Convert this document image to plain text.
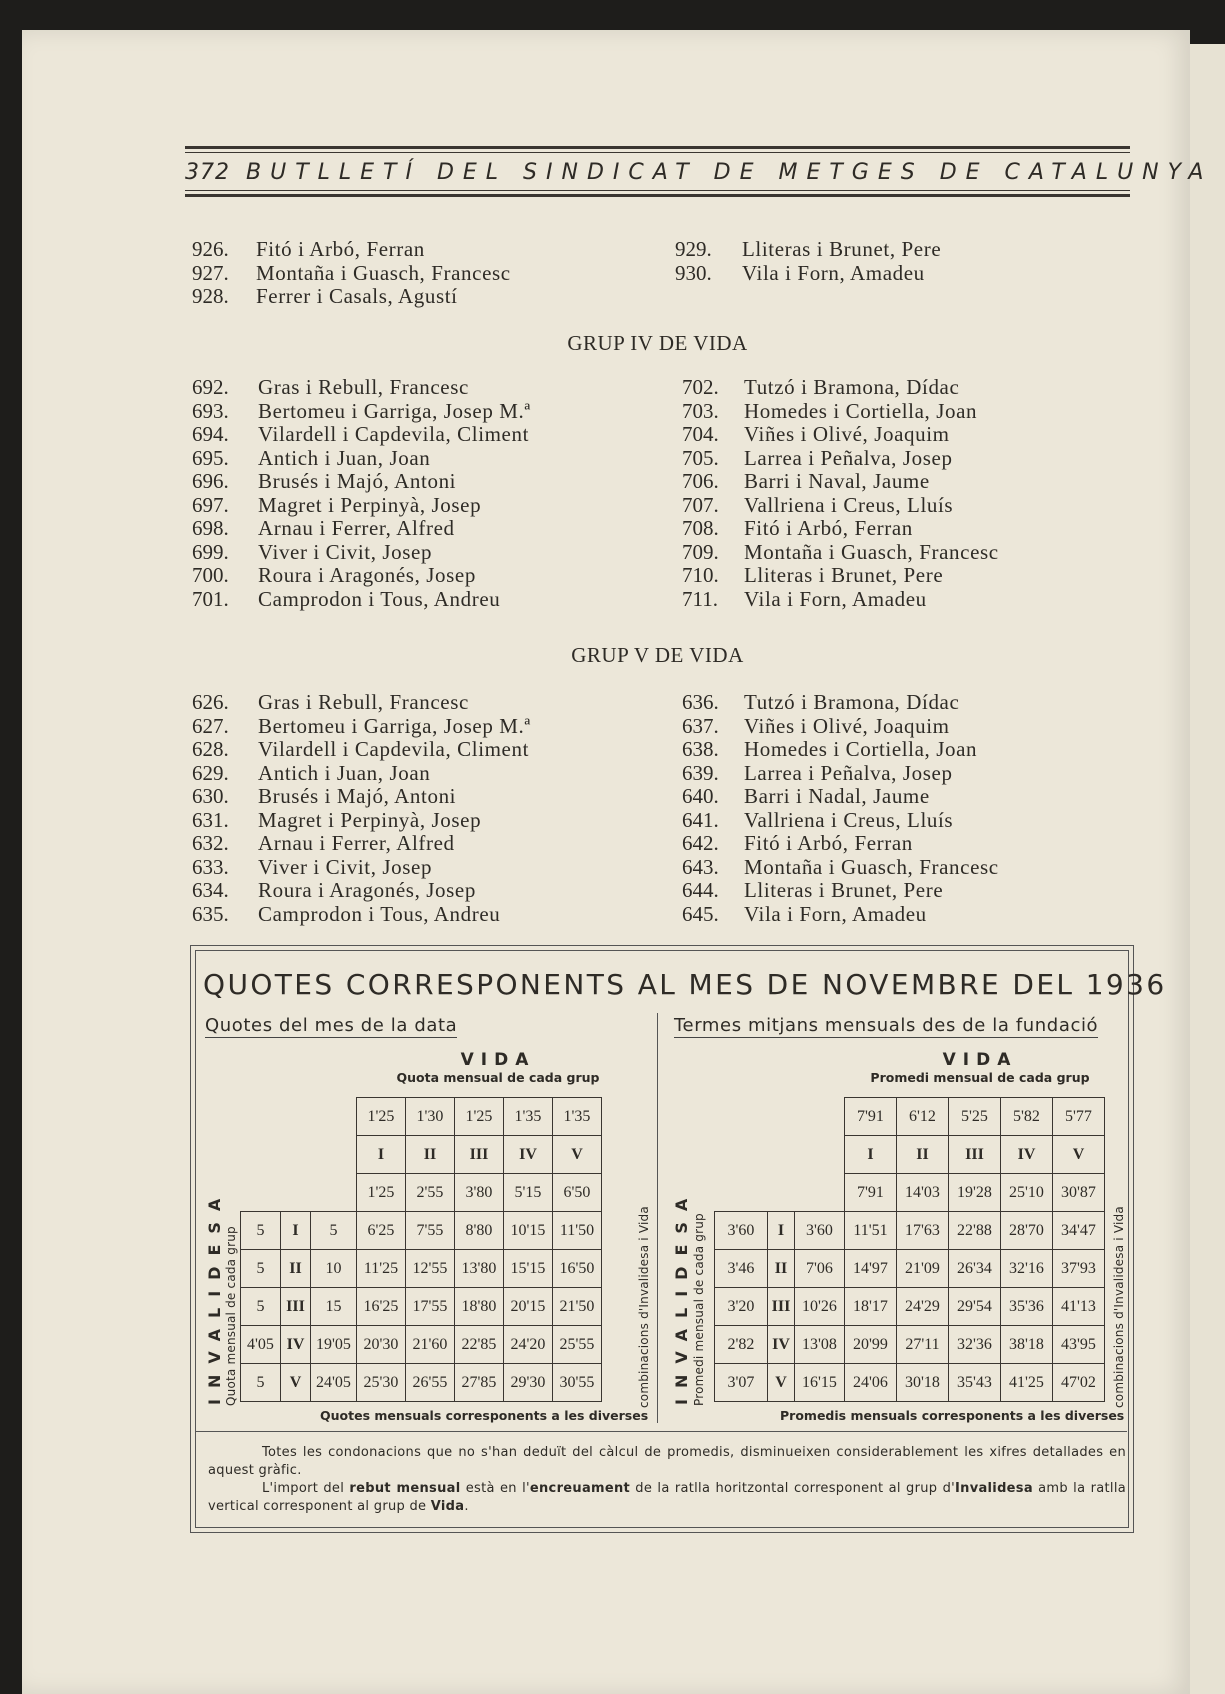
372 BUTLLETÍ DEL SINDICAT DE METGES DE CATALUNYA
926. Fitó i Arbó, Ferran
927. Montaña i Guasch, Francesc
928. Ferrer i Casals, Agustí
929. Lliteras i Brunet, Pere
930. Vila i Forn, Amadeu
GRUP IV DE VIDA
692. Gras i Rebull, Francesc
693. Bertomeu i Garriga, Josep M.ª
694. Vilardell i Capdevila, Climent
695. Antich i Juan, Joan
696. Brusés i Majó, Antoni
697. Magret i Perpinyà, Josep
698. Arnau i Ferrer, Alfred
699. Viver i Civit, Josep
700. Roura i Aragonés, Josep
701. Camprodon i Tous, Andreu
702. Tutzó i Bramona, Dídac
703. Homedes i Cortiella, Joan
704. Viñes i Olivé, Joaquim
705. Larrea i Peñalva, Josep
706. Barri i Naval, Jaume
707. Vallriena i Creus, Lluís
708. Fitó i Arbó, Ferran
709. Montaña i Guasch, Francesc
710. Lliteras i Brunet, Pere
711. Vila i Forn, Amadeu
GRUP V DE VIDA
626. Gras i Rebull, Francesc
627. Bertomeu i Garriga, Josep M.ª
628. Vilardell i Capdevila, Climent
629. Antich i Juan, Joan
630. Brusés i Majó, Antoni
631. Magret i Perpinyà, Josep
632. Arnau i Ferrer, Alfred
633. Viver i Civit, Josep
634. Roura i Aragonés, Josep
635. Camprodon i Tous, Andreu
636. Tutzó i Bramona, Dídac
637. Viñes i Olivé, Joaquim
638. Homedes i Cortiella, Joan
639. Larrea i Peñalva, Josep
640. Barri i Nadal, Jaume
641. Vallriena i Creus, Lluís
642. Fitó i Arbó, Ferran
643. Montaña i Guasch, Francesc
644. Lliteras i Brunet, Pere
645. Vila i Forn, Amadeu
QUOTES CORRESPONENTS AL MES DE NOVEMBRE DEL 1936
Quotes del mes de la data	Termes mitjans mensuals des de la fundació
VIDA
Quota mensual de cada grup
VIDA
Promedi mensual de cada grup
INVALIDESA Quota mensual de cada grup	combinacions d'Invalidesa i Vida INVALIDESA Promedi mensual de cada grup	combinacions d'Invalidesa i Vida
			1'25	1'30	1'25	1'35	1'35
			I	II	III	IV	V
			1'25	2'55	3'80	5'15	6'50
5	I	5	6'25	7'55	8'80	10'15	11'50
5	II	10	11'25	12'55	13'80	15'15	16'50
5	III	15	16'25	17'55	18'80	20'15	21'50
4'05	IV	19'05	20'30	21'60	22'85	24'20	25'55
5	V	24'05	25'30	26'55	27'85	29'30	30'55
			7'91	6'12	5'25	5'82	5'77
			I	II	III	IV	V
			7'91	14'03	19'28	25'10	30'87
3'60	I	3'60	11'51	17'63	22'88	28'70	34'47
3'46	II	7'06	14'97	21'09	26'34	32'16	37'93
3'20	III	10'26	18'17	24'29	29'54	35'36	41'13
2'82	IV	13'08	20'99	27'11	32'36	38'18	43'95
3'07	V	16'15	24'06	30'18	35'43	41'25	47'02
Quotes mensuals corresponents a les diverses	Promedis mensuals corresponents a les diverses
Totes les condonacions que no s'han deduït del càlcul de promedis, disminueixen considerablement les xifres detallades en aquest gràfic.
L'import del rebut mensual està en l'encreuament de la ratlla horitzontal corresponent al grup d'Invalidesa amb la ratlla vertical corresponent al grup de Vida.
